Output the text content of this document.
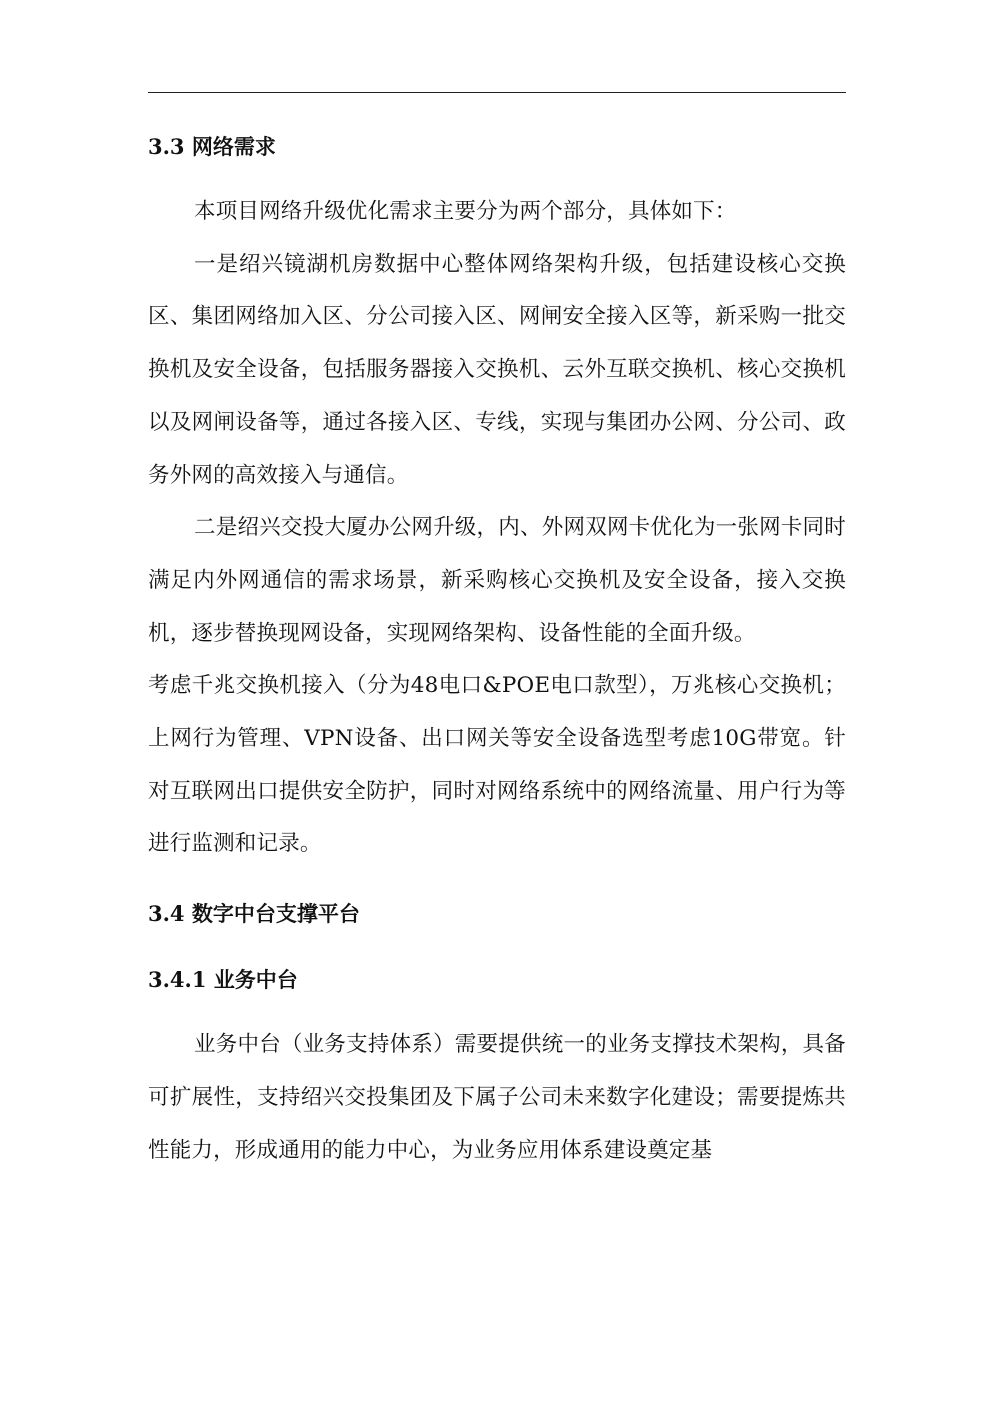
3.3 网络需求

本项目网络升级优化需求主要分为两个部分，具体如下：

一是绍兴镜湖机房数据中心整体网络架构升级，包括建设核心交换区、集团网络加入区、分公司接入区、网闸安全接入区等，新采购一批交换机及安全设备，包括服务器接入交换机、云外互联交换机、核心交换机以及网闸设备等，通过各接入区、专线，实现与集团办公网、分公司、政务外网的高效接入与通信。

二是绍兴交投大厦办公网升级，内、外网双网卡优化为一张网卡同时满足内外网通信的需求场景，新采购核心交换机及安全设备，接入交换机，逐步替换现网设备，实现网络架构、设备性能的全面升级。

考虑千兆交换机接入（分为48电口&POE电口款型），万兆核心交换机；上网行为管理、VPN设备、出口网关等安全设备选型考虑10G带宽。针对互联网出口提供安全防护，同时对网络系统中的网络流量、用户行为等进行监测和记录。

3.4 数字中台支撑平台
3.4.1 业务中台

业务中台（业务支持体系）需要提供统一的业务支撑技术架构，具备可扩展性，支持绍兴交投集团及下属子公司未来数字化建设；需要提炼共性能力，形成通用的能力中心，为业务应用体系建设奠定基
